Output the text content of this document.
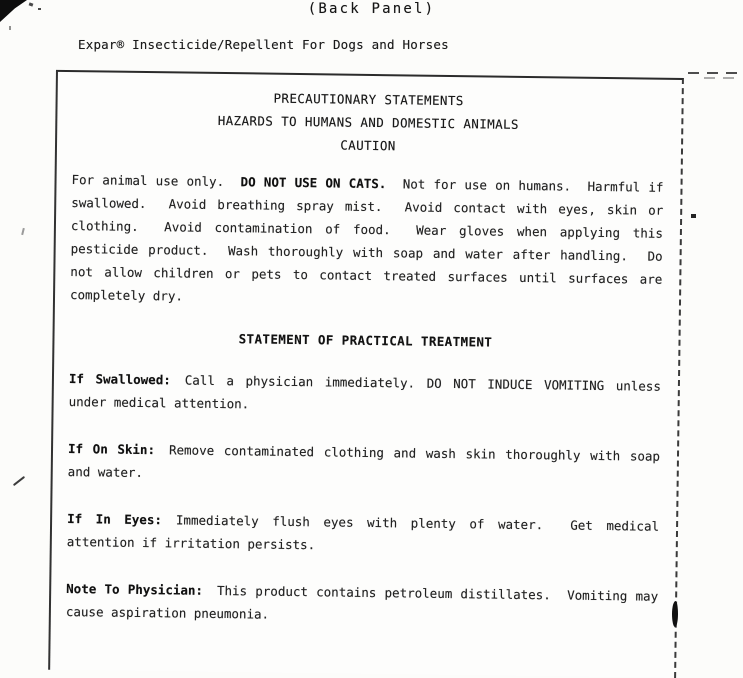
(Back Panel)
Expar® Insecticide/Repellent For Dogs and Horses
PRECAUTIONARY STATEMENTS
HAZARDS TO HUMANS AND DOMESTIC ANIMALS
CAUTION

For animal use only.  DO NOT USE ON CATS.  Not for use on humans.  Harmful if swallowed.  Avoid breathing spray mist.  Avoid contact with eyes, skin or clothing.  Avoid contamination of food.  Wear gloves when applying this pesticide product.  Wash thoroughly with soap and water after handling.  Do not allow children or pets to contact treated surfaces until surfaces are completely dry.

STATEMENT OF PRACTICAL TREATMENT

If Swallowed: Call a physician immediately. DO NOT INDUCE VOMITING unless under medical attention.

If On Skin: Remove contaminated clothing and wash skin thoroughly with soap and water.

If In Eyes: Immediately flush eyes with plenty of water.  Get medical attention if irritation persists.

Note To Physician: This product contains petroleum distillates.  Vomiting may cause aspiration pneumonia.
